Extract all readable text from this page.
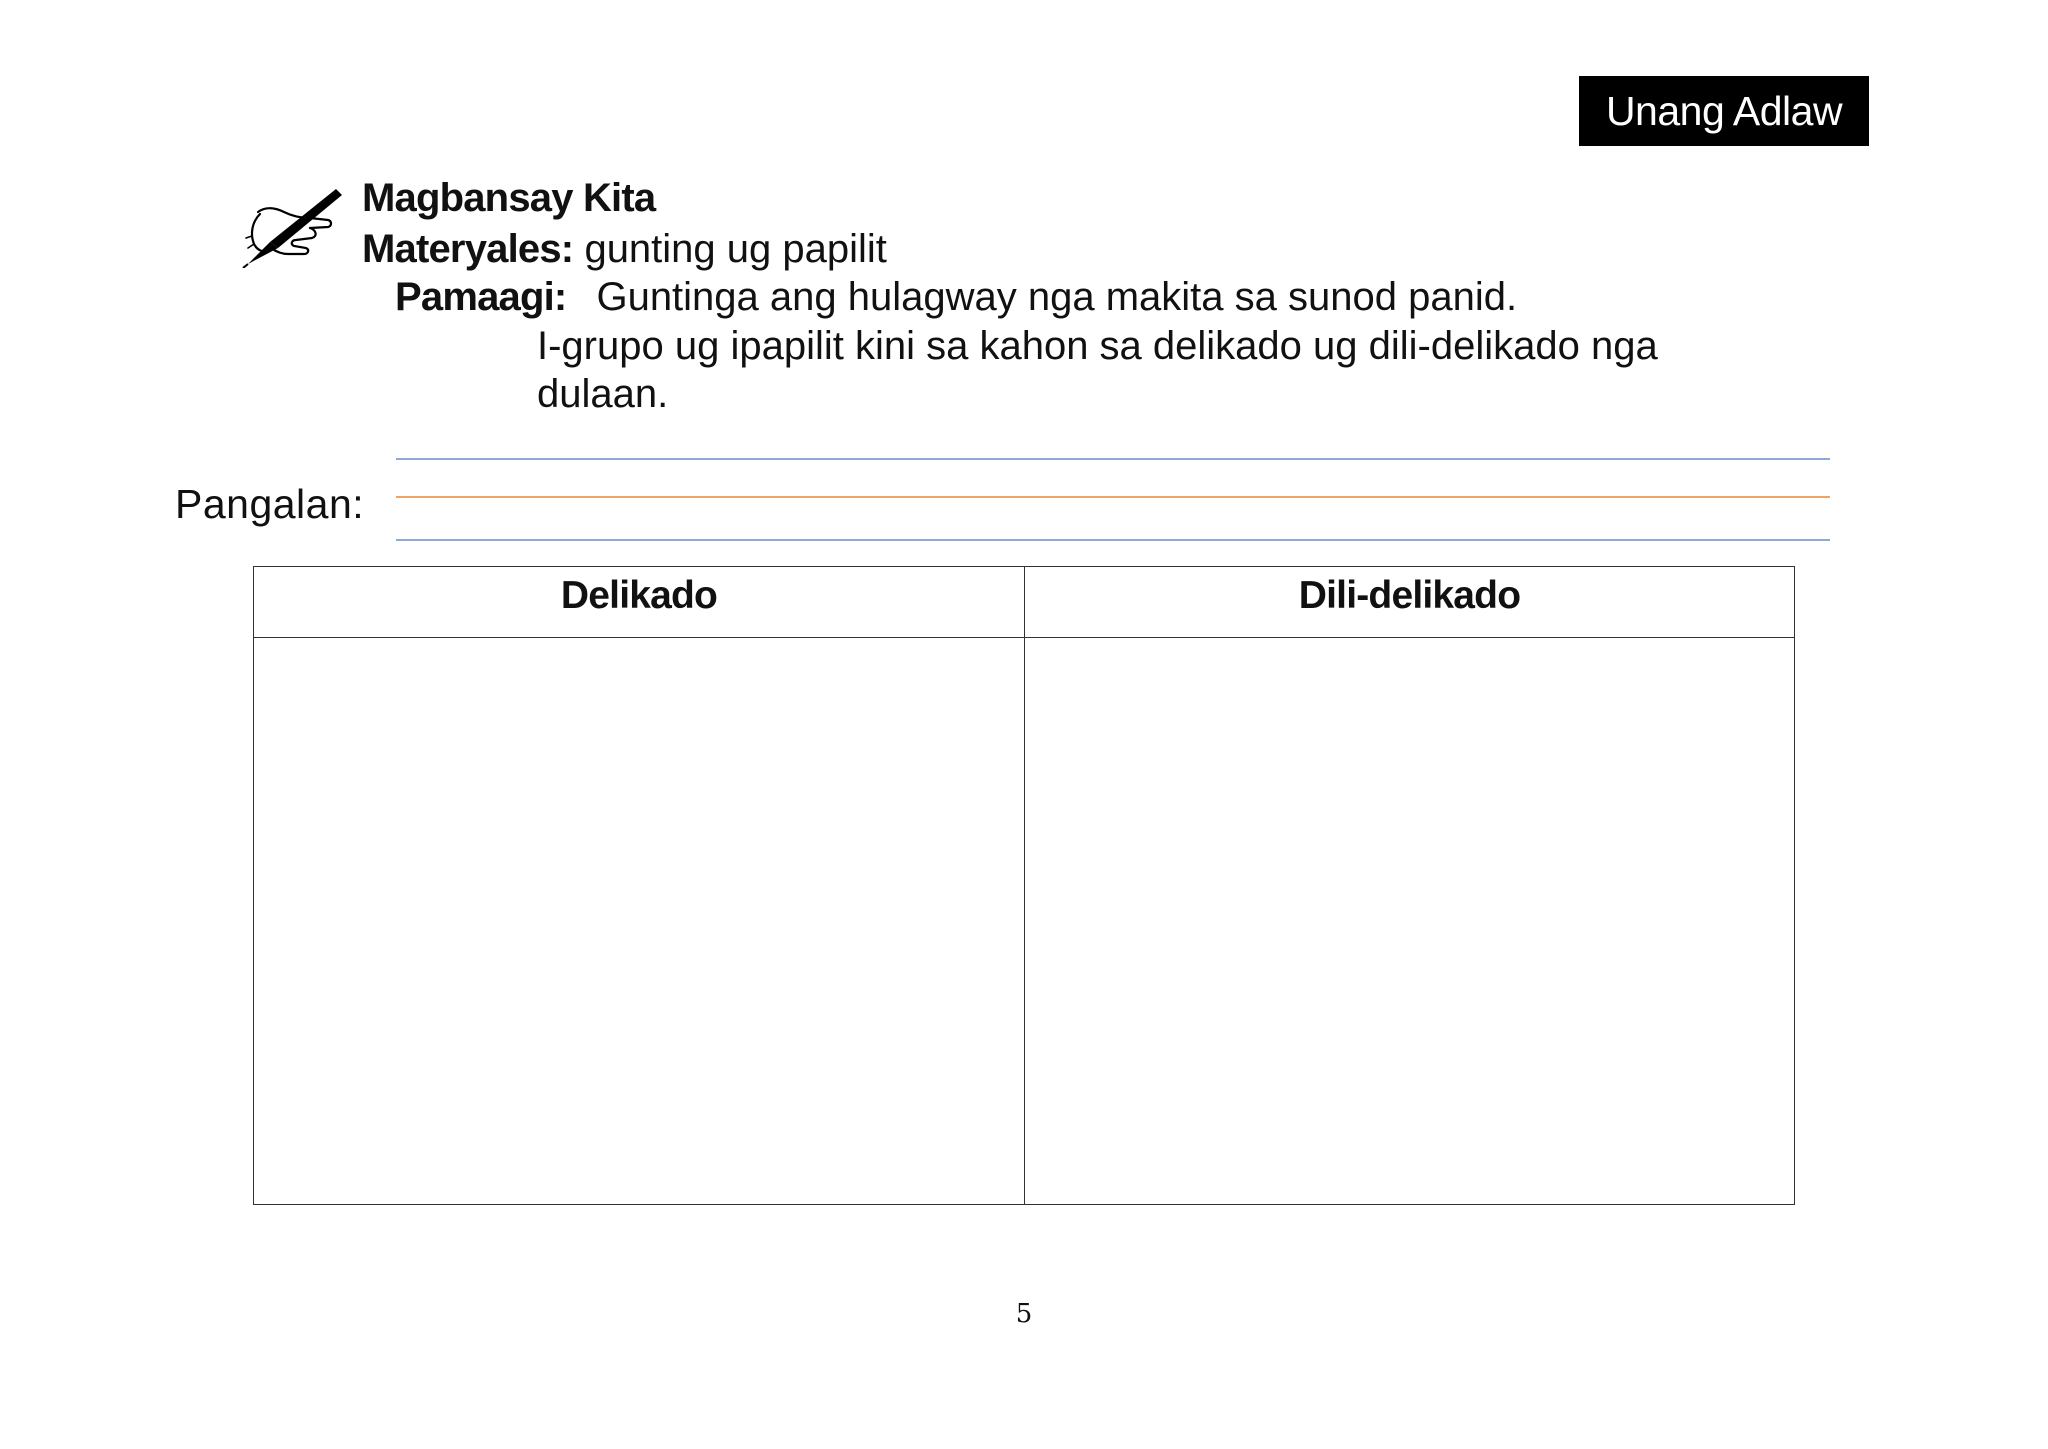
Unang Adlaw
Magbansay Kita
Materyales: gunting ug papilit
Pamaagi: Guntinga ang hulagway nga makita sa sunod panid.
I-grupo ug ipapilit kini sa kahon sa delikado ug dili-delikado nga
dulaan.
Pangalan:
Delikado	Dili-delikado
5
